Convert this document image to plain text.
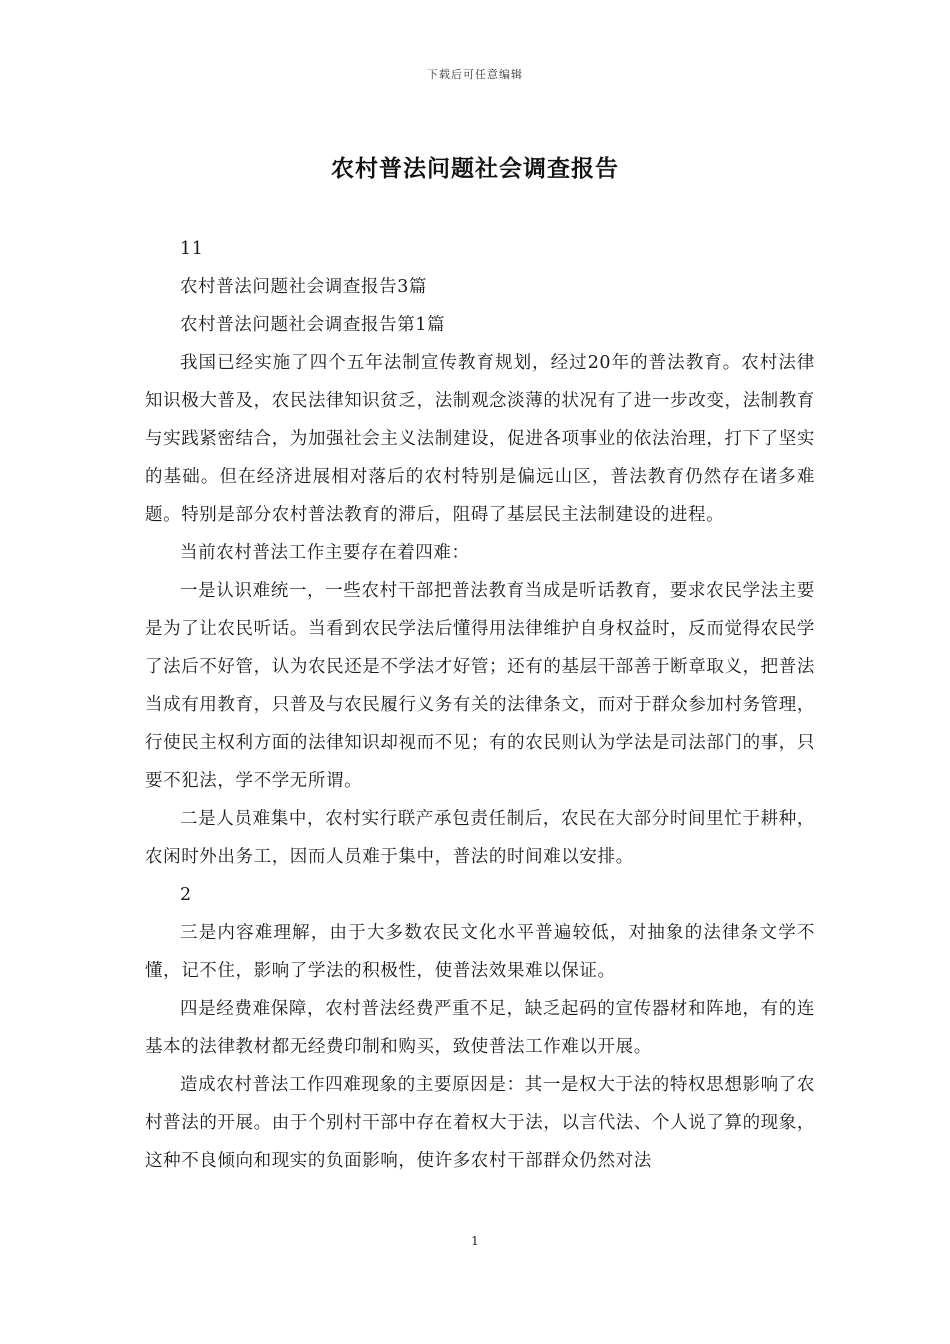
下载后可任意编辑
农村普法问题社会调查报告

11

农村普法问题社会调查报告3篇

农村普法问题社会调查报告第1篇

我国已经实施了四个五年法制宣传教育规划，经过20年的普法教育。农村法律知识极大普及，农民法律知识贫乏，法制观念淡薄的状况有了进一步改变，法制教育与实践紧密结合，为加强社会主义法制建设，促进各项事业的依法治理，打下了坚实的基础。但在经济进展相对落后的农村特别是偏远山区，普法教育仍然存在诸多难题。特别是部分农村普法教育的滞后，阻碍了基层民主法制建设的进程。

当前农村普法工作主要存在着四难：

一是认识难统一，一些农村干部把普法教育当成是听话教育，要求农民学法主要是为了让农民听话。当看到农民学法后懂得用法律维护自身权益时，反而觉得农民学了法后不好管，认为农民还是不学法才好管；还有的基层干部善于断章取义，把普法当成有用教育，只普及与农民履行义务有关的法律条文，而对于群众参加村务管理，行使民主权利方面的法律知识却视而不见；有的农民则认为学法是司法部门的事，只要不犯法，学不学无所谓。

二是人员难集中，农村实行联产承包责任制后，农民在大部分时间里忙于耕种，农闲时外出务工，因而人员难于集中，普法的时间难以安排。

2

三是内容难理解，由于大多数农民文化水平普遍较低，对抽象的法律条文学不懂，记不住，影响了学法的积极性，使普法效果难以保证。

四是经费难保障，农村普法经费严重不足，缺乏起码的宣传器材和阵地，有的连基本的法律教材都无经费印制和购买，致使普法工作难以开展。

造成农村普法工作四难现象的主要原因是：其一是权大于法的特权思想影响了农村普法的开展。由于个别村干部中存在着权大于法，以言代法、个人说了算的现象，这种不良倾向和现实的负面影响，使许多农村干部群众仍然对法

1
